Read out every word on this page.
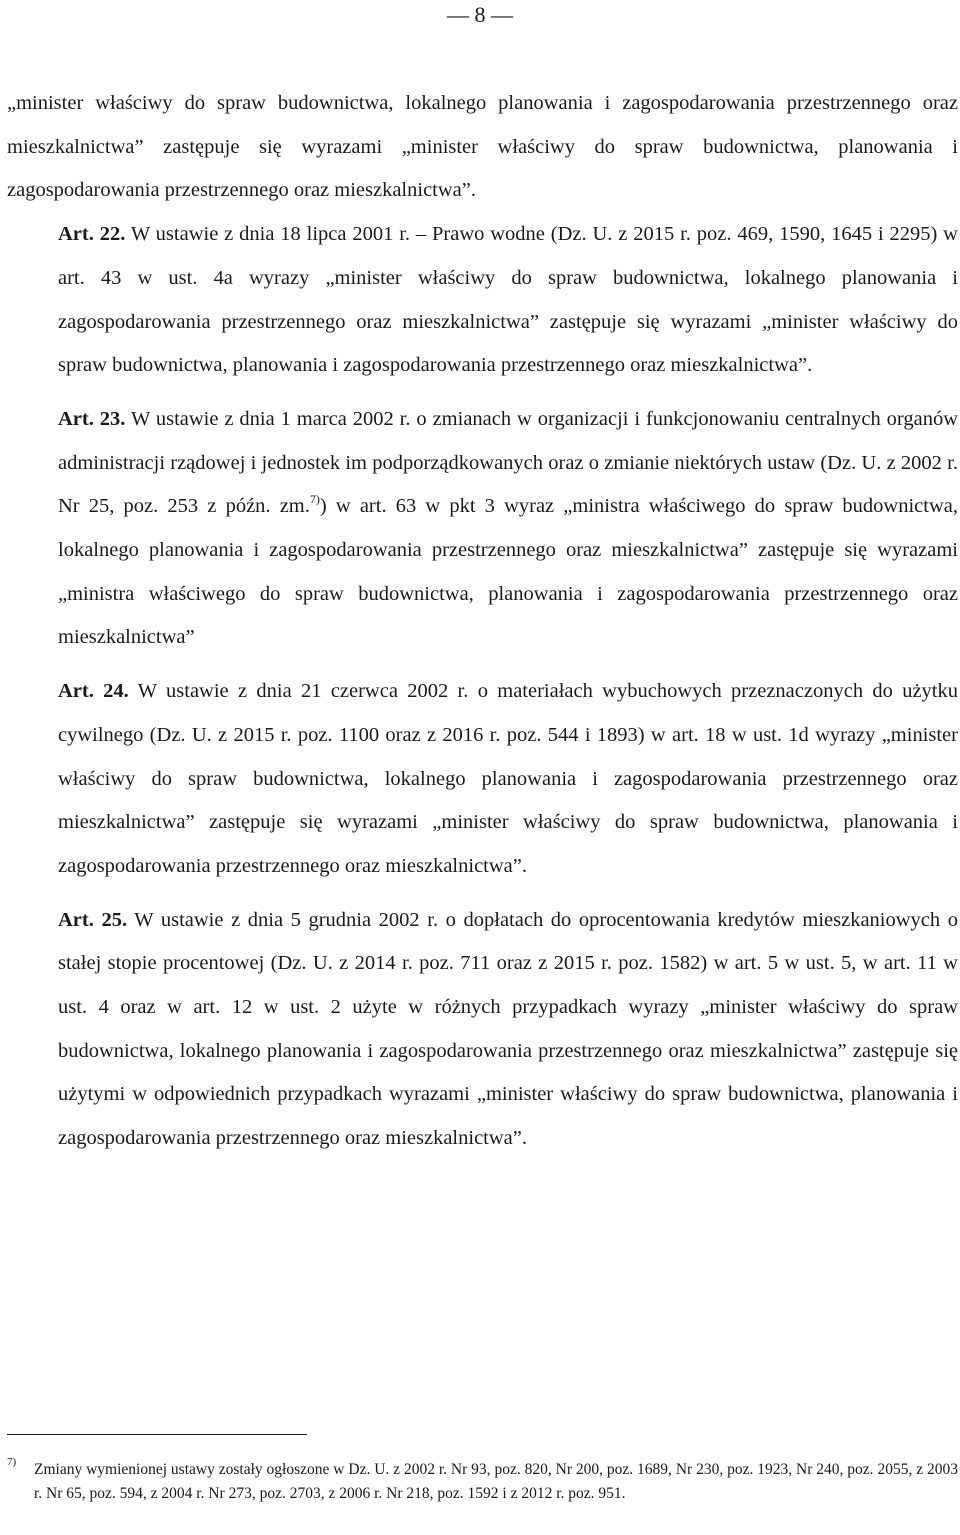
— 8 —

„minister właściwy do spraw budownictwa, lokalnego planowania i zagospodarowania przestrzennego oraz mieszkalnictwa” zastępuje się wyrazami „minister właściwy do spraw budownictwa, planowania i zagospodarowania przestrzennego oraz mieszkalnictwa”.

Art. 22. W ustawie z dnia 18 lipca 2001 r. – Prawo wodne (Dz. U. z 2015 r. poz. 469, 1590, 1645 i 2295) w art. 43 w ust. 4a wyrazy „minister właściwy do spraw budownictwa, lokalnego planowania i zagospodarowania przestrzennego oraz mieszkalnictwa” zastępuje się wyrazami „minister właściwy do spraw budownictwa, planowania i zagospodarowania przestrzennego oraz mieszkalnictwa”.

Art. 23. W ustawie z dnia 1 marca 2002 r. o zmianach w organizacji i funkcjonowaniu centralnych organów administracji rządowej i jednostek im podporządkowanych oraz o zmianie niektórych ustaw (Dz. U. z 2002 r. Nr 25, poz. 253 z późn. zm.$^{7)}$) w art. 63 w pkt 3 wyraz „ministra właściwego do spraw budownictwa, lokalnego planowania i zagospodarowania przestrzennego oraz mieszkalnictwa” zastępuje się wyrazami „ministra właściwego do spraw budownictwa, planowania i zagospodarowania przestrzennego oraz mieszkalnictwa”

Art. 24. W ustawie z dnia 21 czerwca 2002 r. o materiałach wybuchowych przeznaczonych do użytku cywilnego (Dz. U. z 2015 r. poz. 1100 oraz z 2016 r. poz. 544 i 1893) w art. 18 w ust. 1d wyrazy „minister właściwy do spraw budownictwa, lokalnego planowania i zagospodarowania przestrzennego oraz mieszkalnictwa” zastępuje się wyrazami „minister właściwy do spraw budownictwa, planowania i zagospodarowania przestrzennego oraz mieszkalnictwa”.

Art. 25. W ustawie z dnia 5 grudnia 2002 r. o dopłatach do oprocentowania kredytów mieszkaniowych o stałej stopie procentowej (Dz. U. z 2014 r. poz. 711 oraz z 2015 r. poz. 1582) w art. 5 w ust. 5, w art. 11 w ust. 4 oraz w art. 12 w ust. 2 użyte w różnych przypadkach wyrazy „minister właściwy do spraw budownictwa, lokalnego planowania i zagospodarowania przestrzennego oraz mieszkalnictwa” zastępuje się użytymi w odpowiednich przypadkach wyrazami „minister właściwy do spraw budownictwa, planowania i zagospodarowania przestrzennego oraz mieszkalnictwa”.

7) Zmiany wymienionej ustawy zostały ogłoszone w Dz. U. z 2002 r. Nr 93, poz. 820, Nr 200, poz. 1689, Nr 230, poz. 1923, Nr 240, poz. 2055, z 2003 r. Nr 65, poz. 594, z 2004 r. Nr 273, poz. 2703, z 2006 r. Nr 218, poz. 1592 i z 2012 r. poz. 951.
